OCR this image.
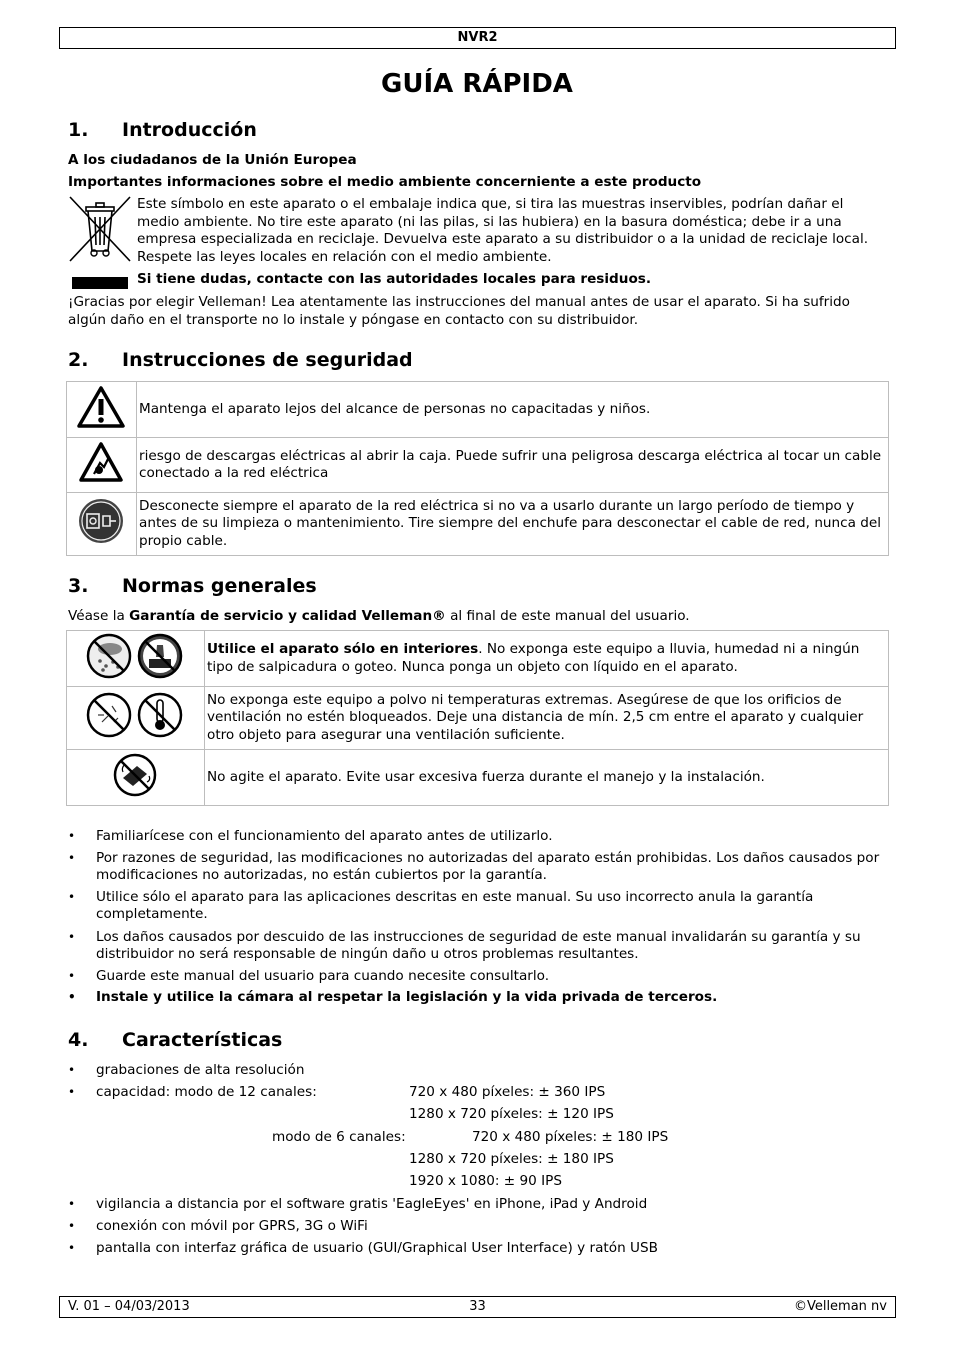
NVR2
GUÍA RÁPIDA
1. Introducción
A los ciudadanos de la Unión Europea
Importantes informaciones sobre el medio ambiente concerniente a este producto
Este símbolo en este aparato o el embalaje indica que, si tira las muestras inservibles, podrían dañar el medio ambiente. No tire este aparato (ni las pilas, si las hubiera) en la basura doméstica; debe ir a una empresa especializada en reciclaje. Devuelva este aparato a su distribuidor o a la unidad de reciclaje local. Respete las leyes locales en relación con el medio ambiente.
Si tiene dudas, contacte con las autoridades locales para residuos.
¡Gracias por elegir Velleman! Lea atentamente las instrucciones del manual antes de usar el aparato. Si ha sufrido algún daño en el transporte no lo instale y póngase en contacto con su distribuidor.
2. Instrucciones de seguridad
	Mantenga el aparato lejos del alcance de personas no capacitadas y niños.
	riesgo de descargas eléctricas al abrir la caja. Puede sufrir una peligrosa descarga eléctrica al tocar un cable conectado a la red eléctrica
	Desconecte siempre el aparato de la red eléctrica si no va a usarlo durante un largo período de tiempo y antes de su limpieza o mantenimiento. Tire siempre del enchufe para desconectar el cable de red, nunca del propio cable.
3. Normas generales
Véase la Garantía de servicio y calidad Velleman® al final de este manual del usuario.
	Utilice el aparato sólo en interiores. No exponga este equipo a lluvia, humedad ni a ningún tipo de salpicadura o goteo. Nunca ponga un objeto con líquido en el aparato.
	No exponga este equipo a polvo ni temperaturas extremas. Asegúrese de que los orificios de ventilación no estén bloqueados. Deje una distancia de mín. 2,5 cm entre el aparato y cualquier otro objeto para asegurar una ventilación suficiente.
	No agite el aparato. Evite usar excesiva fuerza durante el manejo y la instalación.
• Familiarícese con el funcionamiento del aparato antes de utilizarlo.
• Por razones de seguridad, las modificaciones no autorizadas del aparato están prohibidas. Los daños causados por modificaciones no autorizadas, no están cubiertos por la garantía.
• Utilice sólo el aparato para las aplicaciones descritas en este manual. Su uso incorrecto anula la garantía completamente.
• Los daños causados por descuido de las instrucciones de seguridad de este manual invalidarán su garantía y su distribuidor no será responsable de ningún daño u otros problemas resultantes.
• Guarde este manual del usuario para cuando necesite consultarlo.
• Instale y utilice la cámara al respetar la legislación y la vida privada de terceros.
4. Características
• grabaciones de alta resolución
• capacidad: modo de 12 canales:	720 x 480 píxeles: ± 360 IPS
1280 x 720 píxeles: ± 120 IPS
modo de 6 canales:	720 x 480 píxeles: ± 180 IPS
1280 x 720 píxeles: ± 180 IPS
1920 x 1080: ± 90 IPS
• vigilancia a distancia por el software gratis 'EagleEyes' en iPhone, iPad y Android
• conexión con móvil por GPRS, 3G o WiFi
• pantalla con interfaz gráfica de usuario (GUI/Graphical User Interface) y ratón USB
V. 01 – 04/03/2013	33	©Velleman nv
